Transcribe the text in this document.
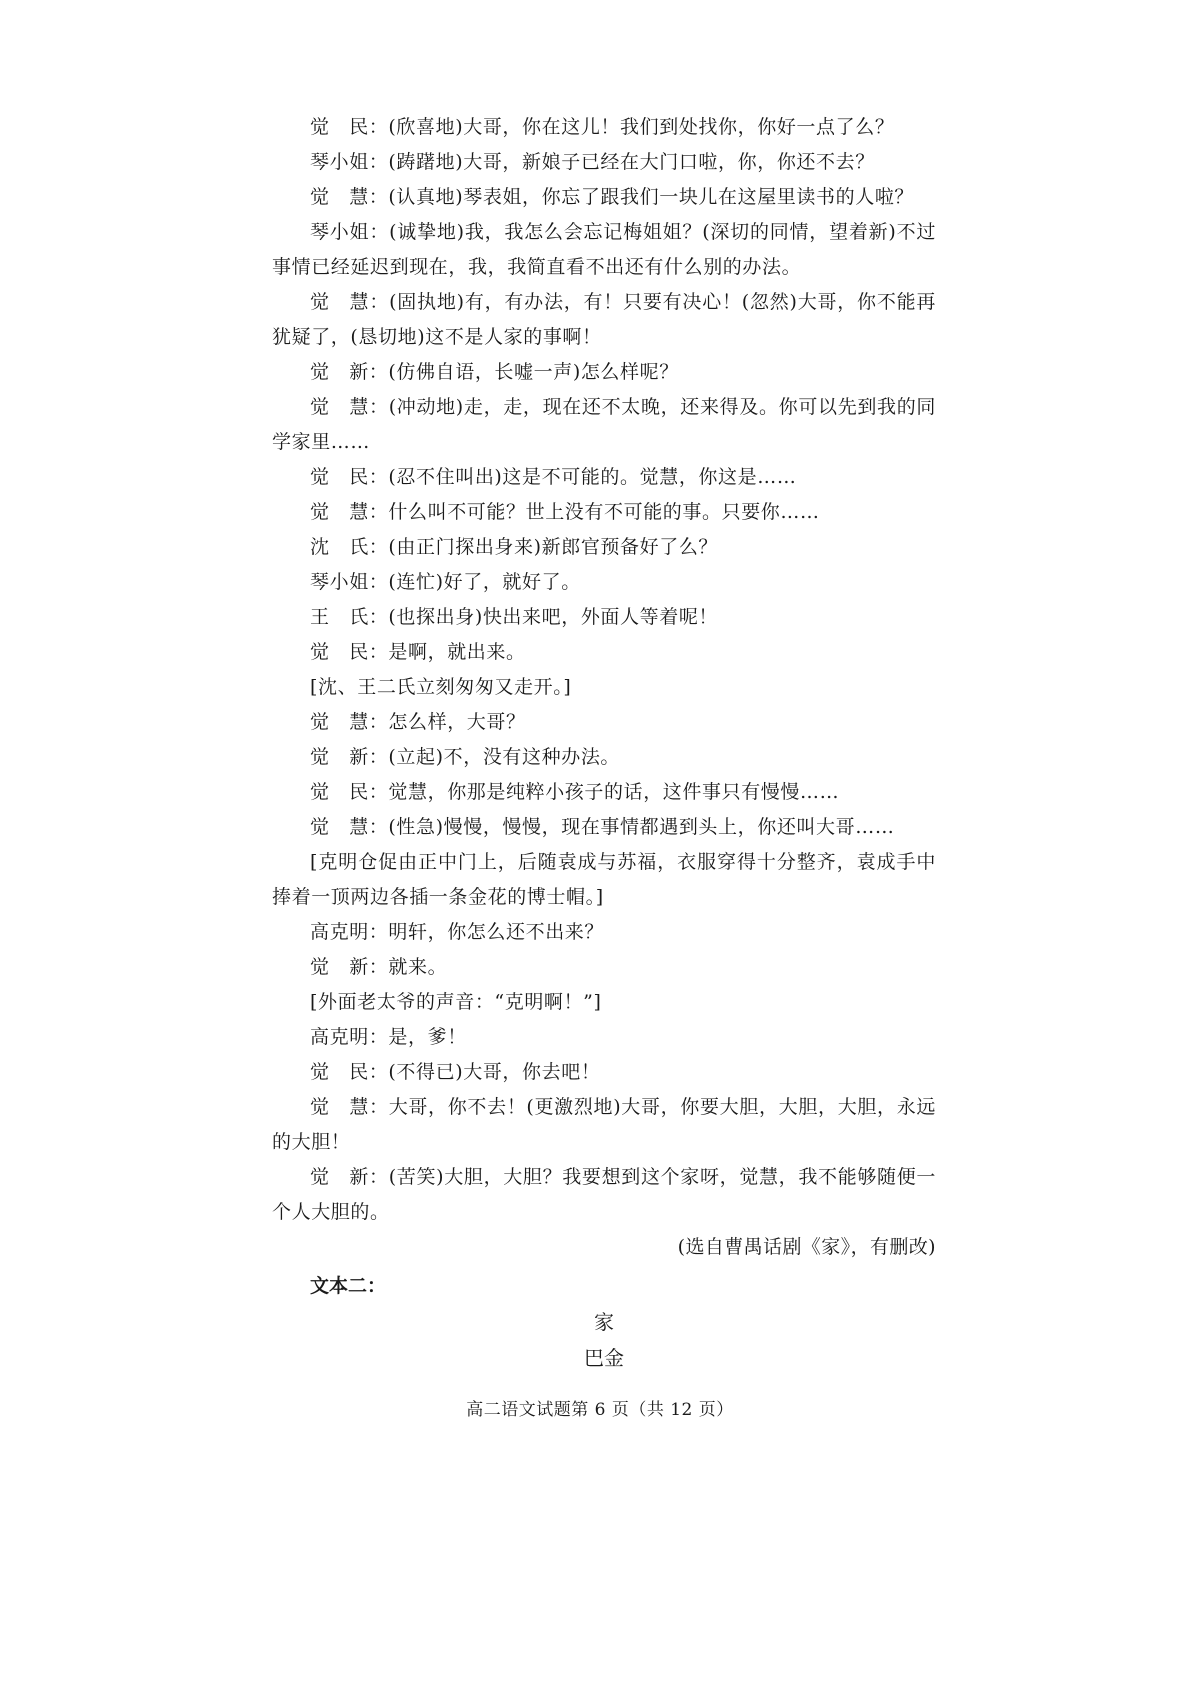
觉　民：(欣喜地)大哥，你在这儿！我们到处找你，你好一点了么？

琴小姐：(踌躇地)大哥，新娘子已经在大门口啦，你，你还不去？

觉　慧：(认真地)琴表姐，你忘了跟我们一块儿在这屋里读书的人啦？

琴小姐：(诚挚地)我，我怎么会忘记梅姐姐？(深切的同情，望着新)不过事情已经延迟到现在，我，我简直看不出还有什么别的办法。

觉　慧：(固执地)有，有办法，有！只要有决心！(忽然)大哥，你不能再犹疑了，(恳切地)这不是人家的事啊！

觉　新：(仿佛自语，长嘘一声)怎么样呢？

觉　慧：(冲动地)走，走，现在还不太晚，还来得及。你可以先到我的同学家里……

觉　民：(忍不住叫出)这是不可能的。觉慧，你这是……

觉　慧：什么叫不可能？世上没有不可能的事。只要你……

沈　氏：(由正门探出身来)新郎官预备好了么？

琴小姐：(连忙)好了，就好了。

王　氏：(也探出身)快出来吧，外面人等着呢！

觉　民：是啊，就出来。

[沈、王二氏立刻匆匆又走开。]

觉　慧：怎么样，大哥？

觉　新：(立起)不，没有这种办法。

觉　民：觉慧，你那是纯粹小孩子的话，这件事只有慢慢……

觉　慧：(性急)慢慢，慢慢，现在事情都遇到头上，你还叫大哥……

[克明仓促由正中门上，后随袁成与苏福，衣服穿得十分整齐，袁成手中捧着一顶两边各插一条金花的博士帽。]

高克明：明轩，你怎么还不出来？

觉　新：就来。

[外面老太爷的声音：“克明啊！”]

高克明：是，爹！

觉　民：(不得已)大哥，你去吧！

觉　慧：大哥，你不去！(更激烈地)大哥，你要大胆，大胆，大胆，永远的大胆！

觉　新：(苦笑)大胆，大胆？我要想到这个家呀，觉慧，我不能够随便一个人大胆的。

(选自曹禺话剧《家》，有删改)

文本二：

家

巴金

高二语文试题第 6 页（共 12 页）
